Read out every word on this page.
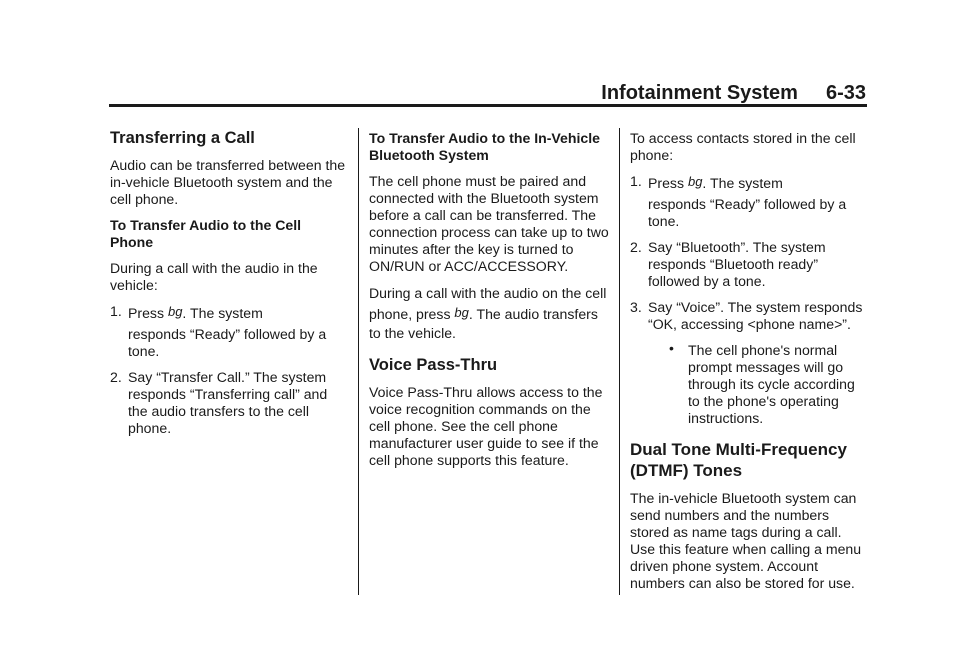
Infotainment System 6-33
Transferring a Call

Audio can be transferred between the in-vehicle Bluetooth system and the cell phone.

To Transfer Audio to the Cell Phone

During a call with the audio in the vehicle:

1. Press bg. The system
responds “Ready” followed by a tone.
2. Say “Transfer Call.” The system responds “Transferring call” and the audio transfers to the cell phone.
To Transfer Audio to the In-Vehicle Bluetooth System

The cell phone must be paired and connected with the Bluetooth system before a call can be transferred. The connection process can take up to two minutes after the key is turned to ON/RUN or ACC/ACCESSORY.

During a call with the audio on the cell phone, press bg. The audio transfers to the vehicle.

Voice Pass-Thru

Voice Pass-Thru allows access to the voice recognition commands on the cell phone. See the cell phone manufacturer user guide to see if the cell phone supports this feature.

To access contacts stored in the cell phone:

1. Press bg. The system
responds “Ready” followed by a tone.
2. Say “Bluetooth”. The system responds “Bluetooth ready” followed by a tone.
3. Say “Voice”. The system responds “OK, accessing <phone name>”.
• The cell phone's normal prompt messages will go through its cycle according to the phone's operating instructions.
Dual Tone Multi-Frequency (DTMF) Tones

The in-vehicle Bluetooth system can send numbers and the numbers stored as name tags during a call. Use this feature when calling a menu driven phone system. Account numbers can also be stored for use.
